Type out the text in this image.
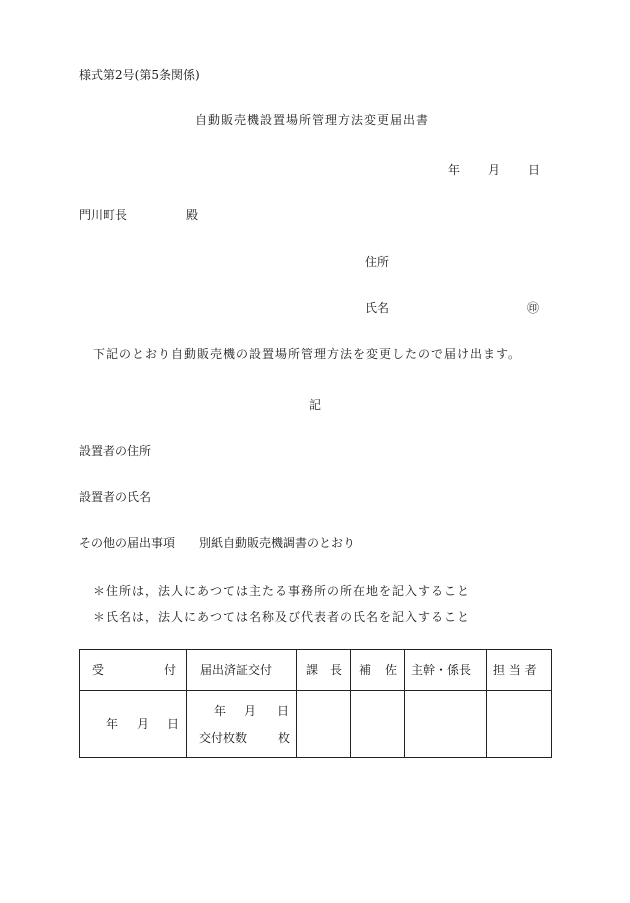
様式第2号(第5条関係)
自動販売機設置場所管理方法変更届出書
年 月 日
門川町長	殿
住所
氏名	㊞
下記のとおり自動販売機の設置場所管理方法を変更したので届け出ます。
記
設置者の住所
設置者の氏名
その他の届出事項 別紙自動販売機調書のとおり
＊住所は，法人にあつては主たる事務所の所在地を記入すること
＊氏名は，法人にあつては名称及び代表者の氏名を記入すること
受 付	届出済証交付	課　長	補 佐	主幹・係長	担 当 者

年 月 日	年 月 日
交付枚数 枚				
